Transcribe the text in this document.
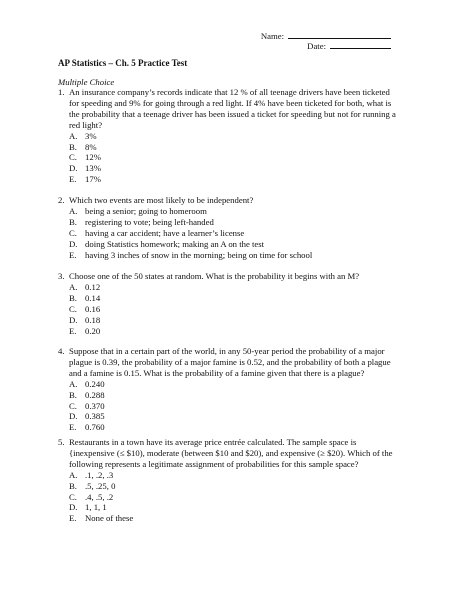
Name:
Date:
AP Statistics – Ch. 5 Practice Test
Multiple Choice
1. An insurance company’s records indicate that 12 % of all teenage drivers have been ticketed
for speeding and 9% for going through a red light. If 4% have been ticketed for both, what is
the probability that a teenage driver has been issued a ticket for speeding but not for running a
red light?
A. 3%
B. 8%
C. 12%
D. 13%
E. 17%
2. Which two events are most likely to be independent?
A. being a senior; going to homeroom
B. registering to vote; being left-handed
C. having a car accident; have a learner’s license
D. doing Statistics homework; making an A on the test
E. having 3 inches of snow in the morning; being on time for school
3. Choose one of the 50 states at random. What is the probability it begins with an M?
A. 0.12
B. 0.14
C. 0.16
D. 0.18
E. 0.20
4. Suppose that in a certain part of the world, in any 50-year period the probability of a major
plague is 0.39, the probability of a major famine is 0.52, and the probability of both a plague
and a famine is 0.15. What is the probability of a famine given that there is a plague?
A. 0.240
B. 0.288
C. 0.370
D. 0.385
E. 0.760
5. Restaurants in a town have its average price entrée calculated. The sample space is
{inexpensive (≤ $10), moderate (between $10 and $20), and expensive (≥ $20). Which of the
following represents a legitimate assignment of probabilities for this sample space?
A. .1, .2, .3
B. .5, .25, 0
C. .4, .5, .2
D. 1, 1, 1
E. None of these
